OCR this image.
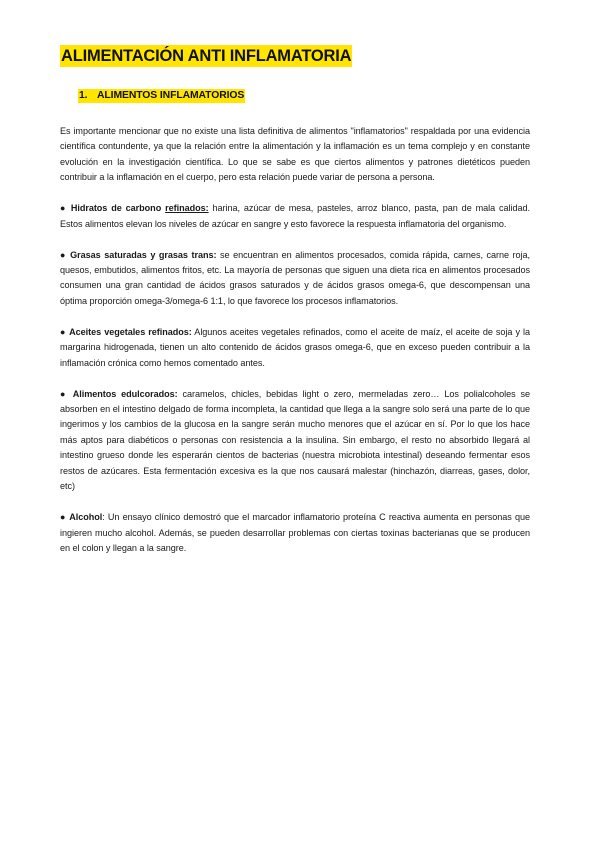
ALIMENTACIÓN ANTI INFLAMATORIA
1. ALIMENTOS INFLAMATORIOS

Es importante mencionar que no existe una lista definitiva de alimentos "inflamatorios" respaldada por una evidencia científica contundente, ya que la relación entre la alimentación y la inflamación es un tema complejo y en constante evolución en la investigación científica. Lo que se sabe es que ciertos alimentos y patrones dietéticos pueden contribuir a la inflamación en el cuerpo, pero esta relación puede variar de persona a persona.

● Hidratos de carbono refinados: harina, azúcar de mesa, pasteles, arroz blanco, pasta, pan de mala calidad. Estos alimentos elevan los niveles de azúcar en sangre y esto favorece la respuesta inflamatoria del organismo.

● Grasas saturadas y grasas trans: se encuentran en alimentos procesados, comida rápida, carnes, carne roja, quesos, embutidos, alimentos fritos, etc. La mayoría de personas que siguen una dieta rica en alimentos procesados consumen una gran cantidad de ácidos grasos saturados y de ácidos grasos omega-6, que descompensan una óptima proporción omega-3/omega-6 1:1, lo que favorece los procesos inflamatorios.

● Aceites vegetales refinados: Algunos aceites vegetales refinados, como el aceite de maíz, el aceite de soja y la margarina hidrogenada, tienen un alto contenido de ácidos grasos omega-6, que en exceso pueden contribuir a la inflamación crónica como hemos comentado antes.

● Alimentos edulcorados: caramelos, chicles, bebidas light o zero, mermeladas zero… Los polialcoholes se absorben en el intestino delgado de forma incompleta, la cantidad que llega a la sangre solo será una parte de lo que ingerimos y los cambios de la glucosa en la sangre serán mucho menores que el azúcar en sí. Por lo que los hace más aptos para diabéticos o personas con resistencia a la insulina. Sin embargo, el resto no absorbido llegará al intestino grueso donde les esperarán cientos de bacterias (nuestra microbiota intestinal) deseando fermentar esos restos de azúcares. Esta fermentación excesiva es la que nos causará malestar (hinchazón, diarreas, gases, dolor, etc)

● Alcohol: Un ensayo clínico demostró que el marcador inflamatorio proteína C reactiva aumenta en personas que ingieren mucho alcohol. Además, se pueden desarrollar problemas con ciertas toxinas bacterianas que se producen en el colon y llegan a la sangre.
